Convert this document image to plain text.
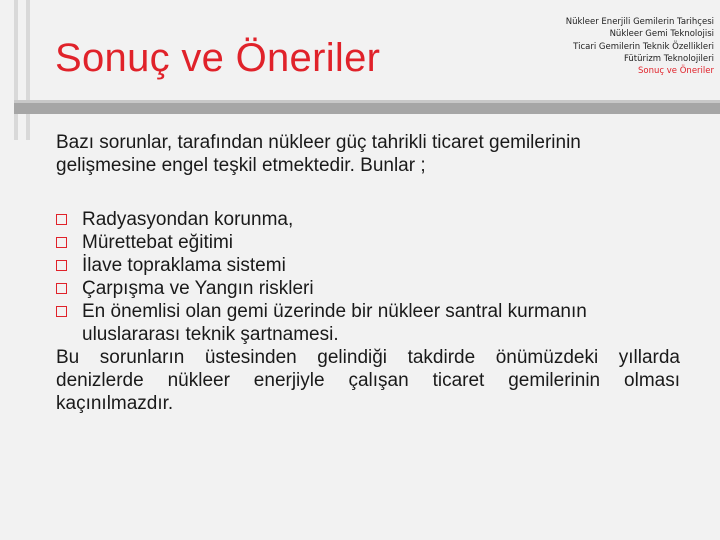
Sonuç ve Öneriler
Nükleer Enerjili Gemilerin Tarihçesi
Nükleer Gemi Teknolojisi
Ticari Gemilerin Teknik Özellikleri
Fütürizm Teknolojileri
Sonuç ve Öneriler

Bazı sorunlar, tarafından nükleer güç tahrikli ticaret gemilerinin gelişmesine engel teşkil etmektedir. Bunlar ;

Radyasyondan korunma,
Mürettebat eğitimi
İlave topraklama sistemi
Çarpışma ve Yangın riskleri
En önemlisi olan gemi üzerinde bir nükleer santral kurmanın uluslararası teknik şartnamesi.

Bu sorunların üstesinden gelindiği takdirde önümüzdeki yıllarda denizlerde nükleer enerjiyle çalışan ticaret gemilerinin olması kaçınılmazdır.
